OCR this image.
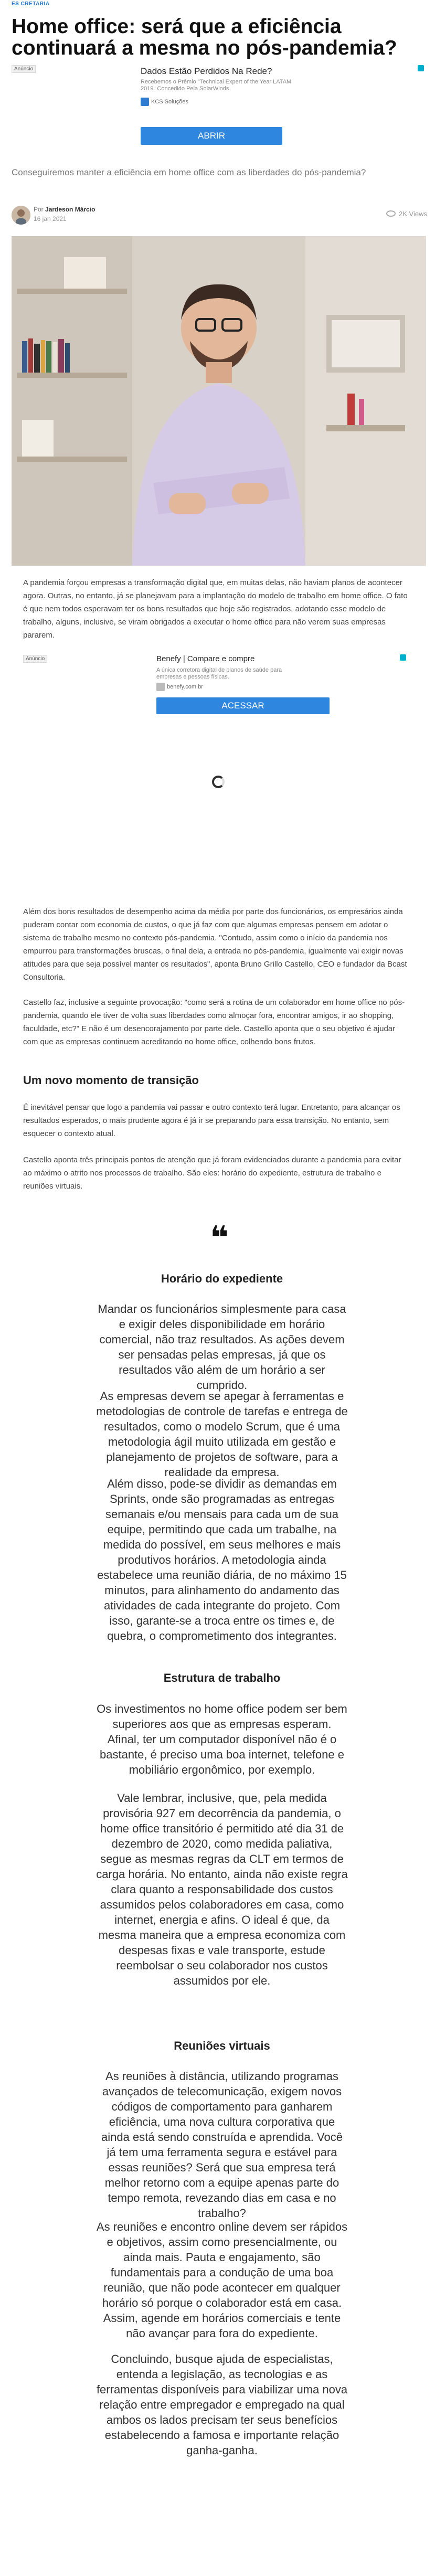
ES CRETARIA
Home office: será que a eficiência continuará a mesma no pós-pandemia?
Anúncio	Dados Estão Perdidos Na Rede?
Recebemos o Prêmio "Technical Expert of the Year LATAM 2019" Concedido Pela SolarWinds
KCS Soluções
ABRIR
Conseguiremos manter a eficiência em home office com as liberdades do pós-pandemia?
Por Jardeson Márcio
16 jan 2021
2K Views
A pandemia forçou empresas a transformação digital que, em muitas delas, não haviam planos de acontecer agora. Outras, no entanto, já se planejavam para a implantação do modelo de trabalho em home office. O fato é que nem todos esperavam ter os bons resultados que hoje são registrados, adotando esse modelo de trabalho, alguns, inclusive, se viram obrigados a executar o home office para não verem suas empresas pararem.
Anúncio	Benefy | Compare e compre
A única corretora digital de planos de saúde para empresas e pessoas físicas.
benefy.com.br
ACESSAR
Além dos bons resultados de desempenho acima da média por parte dos funcionários, os empresários ainda puderam contar com economia de custos, o que já faz com que algumas empresas pensem em adotar o sistema de trabalho mesmo no contexto pós-pandemia. "Contudo, assim como o início da pandemia nos empurrou para transformações bruscas, o final dela, a entrada no pós-pandemia, igualmente vai exigir novas atitudes para que seja possível manter os resultados", aponta Bruno Grillo Castello, CEO e fundador da Bcast Consultoria.
Castello faz, inclusive a seguinte provocação: "como será a rotina de um colaborador em home office no pós-pandemia, quando ele tiver de volta suas liberdades como almoçar fora, encontrar amigos, ir ao shopping, faculdade, etc?" E não é um desencorajamento por parte dele. Castello aponta que o seu objetivo é ajudar com que as empresas continuem acreditando no home office, colhendo bons frutos.
Um novo momento de transição
É inevitável pensar que logo a pandemia vai passar e outro contexto terá lugar. Entretanto, para alcançar os resultados esperados, o mais prudente agora é já ir se preparando para essa transição. No entanto, sem esquecer o contexto atual.
Castello aponta três principais pontos de atenção que já foram evidenciados durante a pandemia para evitar ao máximo o atrito nos processos de trabalho. São eles: horário do expediente, estrutura de trabalho e reuniões virtuais.
❝
Horário do expediente
Mandar os funcionários simplesmente para casa e exigir deles disponibilidade em horário comercial, não traz resultados. As ações devem ser pensadas pelas empresas, já que os resultados vão além de um horário a ser cumprido.
As empresas devem se apegar à ferramentas e metodologias de controle de tarefas e entrega de resultados, como o modelo Scrum, que é uma metodologia ágil muito utilizada em gestão e planejamento de projetos de software, para a realidade da empresa.
Além disso, pode-se dividir as demandas em Sprints, onde são programadas as entregas semanais e/ou mensais para cada um de sua equipe, permitindo que cada um trabalhe, na medida do possível, em seus melhores e mais produtivos horários. A metodologia ainda estabelece uma reunião diária, de no máximo 15 minutos, para alinhamento do andamento das atividades de cada integrante do projeto. Com isso, garante-se a troca entre os times e, de quebra, o comprometimento dos integrantes.
Estrutura de trabalho
Os investimentos no home office podem ser bem superiores aos que as empresas esperam. Afinal, ter um computador disponível não é o bastante, é preciso uma boa internet, telefone e mobiliário ergonômico, por exemplo.
Vale lembrar, inclusive, que, pela medida provisória 927 em decorrência da pandemia, o home office transitório é permitido até dia 31 de dezembro de 2020, como medida paliativa, segue as mesmas regras da CLT em termos de carga horária. No entanto, ainda não existe regra clara quanto a responsabilidade dos custos assumidos pelos colaboradores em casa, como internet, energia e afins. O ideal é que, da mesma maneira que a empresa economiza com despesas fixas e vale transporte, estude reembolsar o seu colaborador nos custos assumidos por ele.
Reuniões virtuais
As reuniões à distância, utilizando programas avançados de telecomunicação, exigem novos códigos de comportamento para ganharem eficiência, uma nova cultura corporativa que ainda está sendo construída e aprendida. Você já tem uma ferramenta segura e estável para essas reuniões? Será que sua empresa terá melhor retorno com a equipe apenas parte do tempo remota, revezando dias em casa e no trabalho?
As reuniões e encontro online devem ser rápidos e objetivos, assim como presencialmente, ou ainda mais. Pauta e engajamento, são fundamentais para a condução de uma boa reunião, que não pode acontecer em qualquer horário só porque o colaborador está em casa. Assim, agende em horários comerciais e tente não avançar para fora do expediente.
Concluindo, busque ajuda de especialistas, entenda a legislação, as tecnologias e as ferramentas disponíveis para viabilizar uma nova relação entre empregador e empregado na qual ambos os lados precisam ter seus benefícios estabelecendo a famosa e importante relação ganha-ganha.
